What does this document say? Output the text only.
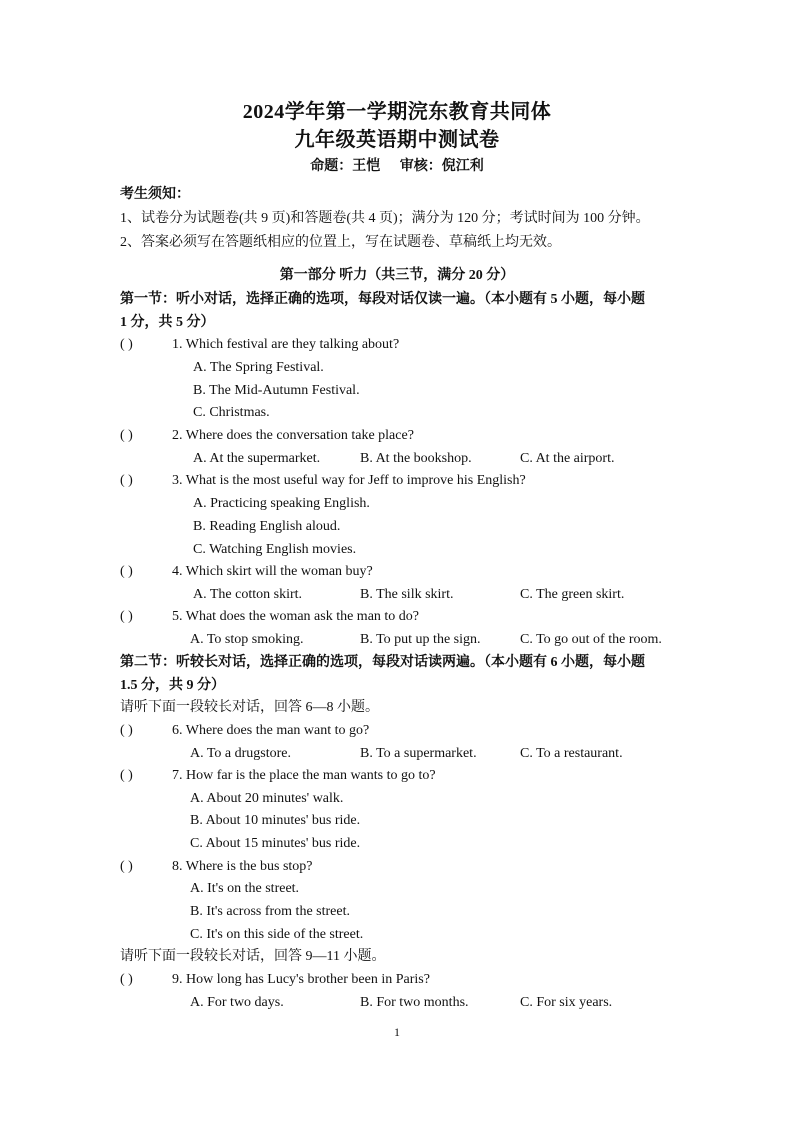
2024学年第一学期浣东教育共同体
九年级英语期中测试卷
命题：王恺 审核：倪江利
考生须知：
1、试卷分为试题卷(共 9 页)和答题卷(共 4 页)；满分为 120 分；考试时间为 100 分钟。
2、答案必须写在答题纸相应的位置上，写在试题卷、草稿纸上均无效。
第一部分 听力（共三节，满分 20 分）
第一节：听小对话，选择正确的选项，每段对话仅读一遍。（本小题有 5 小题，每小题
1 分，共 5 分）
( )	1. Which festival are they talking about?
A. The Spring Festival.
B. The Mid-Autumn Festival.
C. Christmas.
( )	2. Where does the conversation take place?
A. At the supermarket.	B. At the bookshop.	C. At the airport.
( )	3. What is the most useful way for Jeff to improve his English?
A. Practicing speaking English.
B. Reading English aloud.
C. Watching English movies.
( )	4. Which skirt will the woman buy?
A. The cotton skirt.	B. The silk skirt.	C. The green skirt.
( )	5. What does the woman ask the man to do?
A. To stop smoking.	B. To put up the sign.	C. To go out of the room.
第二节：听较长对话，选择正确的选项，每段对话读两遍。（本小题有 6 小题，每小题
1.5 分，共 9 分）
请听下面一段较长对话，回答 6—8 小题。
( )	6. Where does the man want to go?
A. To a drugstore.	B. To a supermarket.	C. To a restaurant.
( )	7. How far is the place the man wants to go to?
A. About 20 minutes' walk.
B. About 10 minutes' bus ride.
C. About 15 minutes' bus ride.
( )	8. Where is the bus stop?
A. It's on the street.
B. It's across from the street.
C. It's on this side of the street.
请听下面一段较长对话，回答 9—11 小题。
( )	9. How long has Lucy's brother been in Paris?
A. For two days.	B. For two months.	C. For six years.
1
